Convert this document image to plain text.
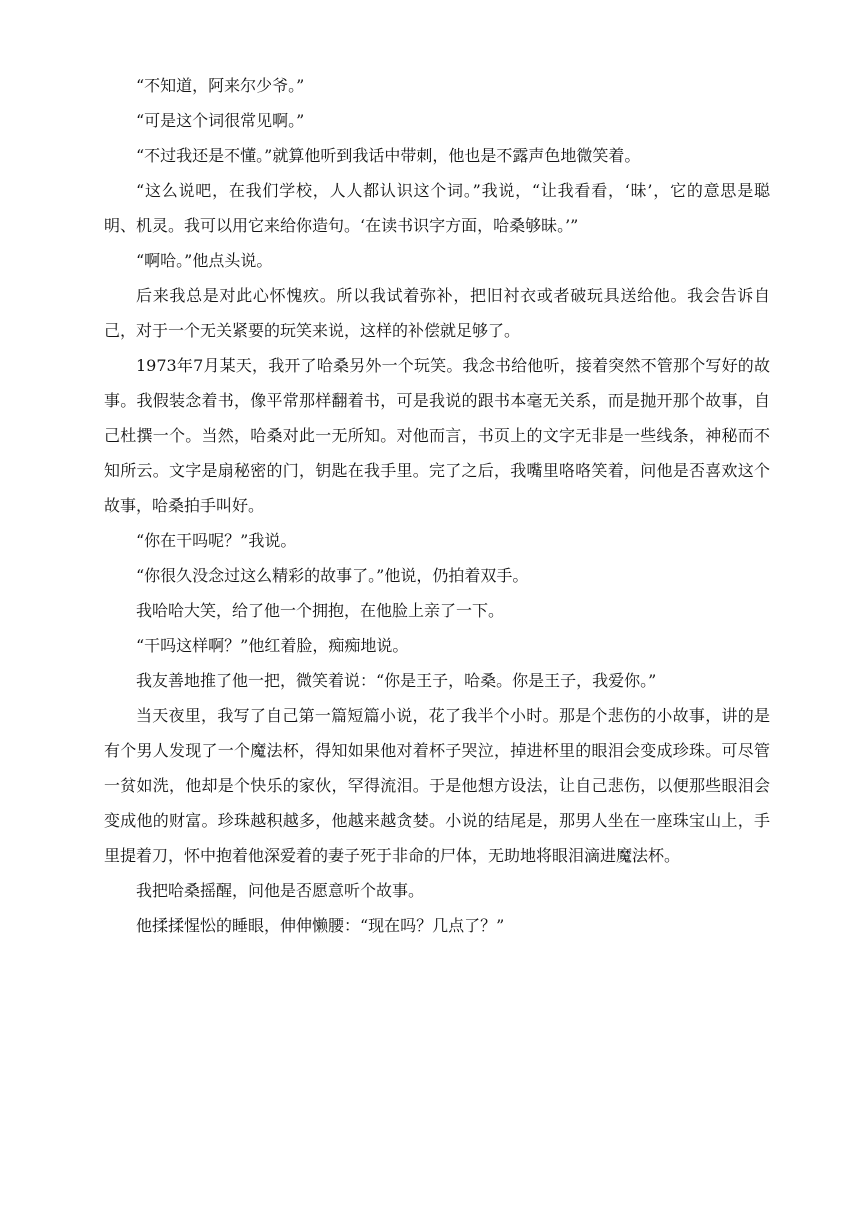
“不知道，阿来尔少爷。”

“可是这个词很常见啊。”

“不过我还是不懂。”就算他听到我话中带刺，他也是不露声色地微笑着。

“这么说吧，在我们学校，人人都认识这个词。”我说，“让我看看，‘昧’，它的意思是聪明、机灵。我可以用它来给你造句。‘在读书识字方面，哈桑够昧。’”

“啊哈。”他点头说。

后来我总是对此心怀愧疚。所以我试着弥补，把旧衬衣或者破玩具送给他。我会告诉自己，对于一个无关紧要的玩笑来说，这样的补偿就足够了。

1973年7月某天，我开了哈桑另外一个玩笑。我念书给他听，接着突然不管那个写好的故事。我假装念着书，像平常那样翻着书，可是我说的跟书本毫无关系，而是抛开那个故事，自己杜撰一个。当然，哈桑对此一无所知。对他而言，书页上的文字无非是一些线条，神秘而不知所云。文字是扇秘密的门，钥匙在我手里。完了之后，我嘴里咯咯笑着，问他是否喜欢这个故事，哈桑拍手叫好。

“你在干吗呢？”我说。

“你很久没念过这么精彩的故事了。”他说，仍拍着双手。

我哈哈大笑，给了他一个拥抱，在他脸上亲了一下。

“干吗这样啊？”他红着脸，痴痴地说。

我友善地推了他一把，微笑着说：“你是王子，哈桑。你是王子，我爱你。”

当天夜里，我写了自己第一篇短篇小说，花了我半个小时。那是个悲伤的小故事，讲的是有个男人发现了一个魔法杯，得知如果他对着杯子哭泣，掉进杯里的眼泪会变成珍珠。可尽管一贫如洗，他却是个快乐的家伙，罕得流泪。于是他想方设法，让自己悲伤，以便那些眼泪会变成他的财富。珍珠越积越多，他越来越贪婪。小说的结尾是，那男人坐在一座珠宝山上，手里提着刀，怀中抱着他深爱着的妻子死于非命的尸体，无助地将眼泪滴进魔法杯。

我把哈桑摇醒，问他是否愿意听个故事。

他揉揉惺忪的睡眼，伸伸懒腰：“现在吗？几点了？”
